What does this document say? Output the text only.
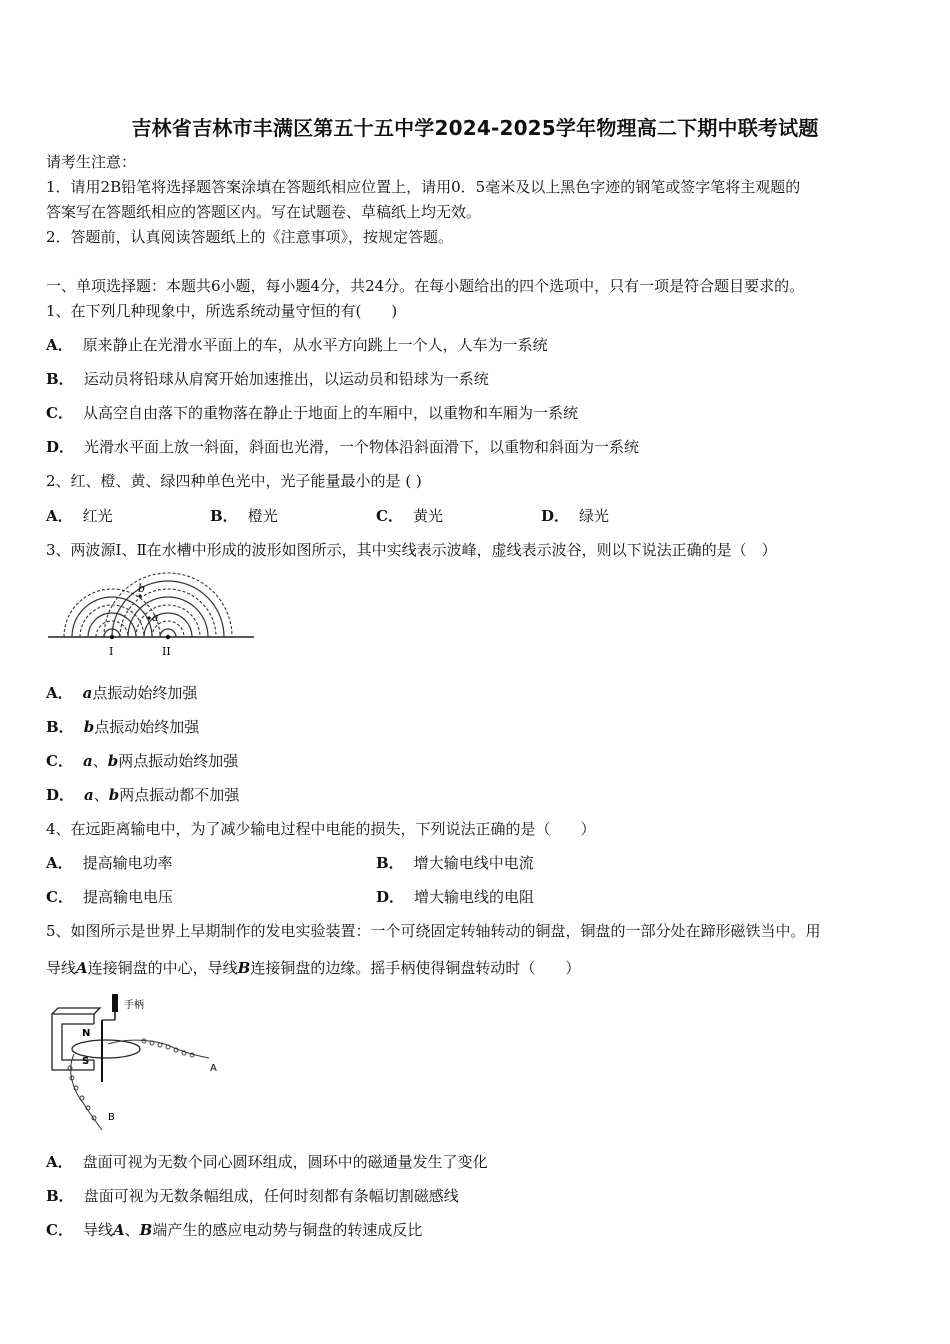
吉林省吉林市丰满区第五十五中学2024-2025学年物理高二下期中联考试题
请考生注意：
1．请用2B铅笔将选择题答案涂填在答题纸相应位置上，请用0．5毫米及以上黑色字迹的钢笔或签字笔将主观题的
答案写在答题纸相应的答题区内。写在试题卷、草稿纸上均无效。
2．答题前，认真阅读答题纸上的《注意事项》，按规定答题。
一、单项选择题：本题共6小题，每小题4分，共24分。在每小题给出的四个选项中，只有一项是符合题目要求的。
1、在下列几种现象中，所选系统动量守恒的有(　　)
A． 原来静止在光滑水平面上的车，从水平方向跳上一个人，人车为一系统
B． 运动员将铅球从肩窝开始加速推出，以运动员和铅球为一系统
C． 从高空自由落下的重物落在静止于地面上的车厢中，以重物和车厢为一系统
D． 光滑水平面上放一斜面，斜面也光滑，一个物体沿斜面滑下，以重物和斜面为一系统
2、红、橙、黄、绿四种单色光中，光子能量最小的是 ( )
A． 红光	B． 橙光	C． 黄光	D． 绿光
3、两波源Ⅰ、Ⅱ在水槽中形成的波形如图所示，其中实线表示波峰，虚线表示波谷，则以下说法正确的是（　）
a
b
I	II
A． a点振动始终加强
B． b点振动始终加强
C． a、b两点振动始终加强
D． a、b两点振动都不加强
4、在远距离输电中，为了减少输电过程中电能的损失，下列说法正确的是（　　）
A． 提高输电功率	B． 增大输电线中电流
C． 提高输电电压	D． 增大输电线的电阻
5、如图所示是世界上早期制作的发电实验装置：一个可绕固定转轴转动的铜盘，铜盘的一部分处在蹄形磁铁当中。用
导线A连接铜盘的中心，导线B连接铜盘的边缘。摇手柄使得铜盘转动时（　　）
手柄
N
S
A
B
A． 盘面可视为无数个同心圆环组成，圆环中的磁通量发生了变化
B． 盘面可视为无数条幅组成，任何时刻都有条幅切割磁感线
C． 导线A、B端产生的感应电动势与铜盘的转速成反比
